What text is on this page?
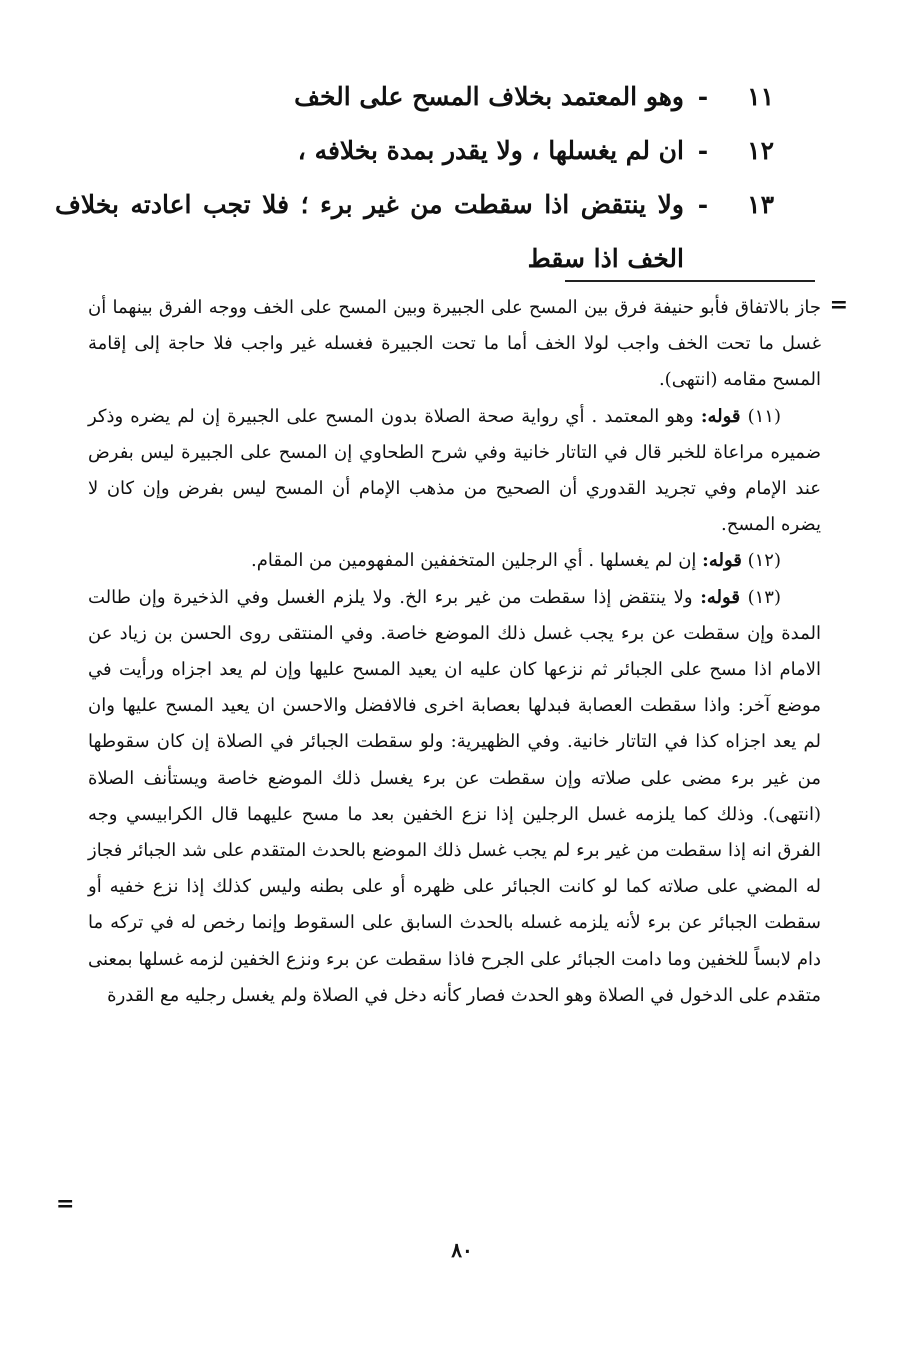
١١
-
وهو المعتمد بخلاف المسح على الخف
١٢
-
ان لم يغسلها ، ولا يقدر بمدة بخلافه ،
١٣
-
ولا ينتقض اذا سقطت من غير برء ؛ فلا تجب اعادته بخلاف الخف اذا سقط
=

جاز بالاتفاق فأبو حنيفة فرق بين المسح على الجبيرة وبين المسح على الخف ووجه الفرق بينهما أن غسل ما تحت الخف واجب لولا الخف أما ما تحت الجبيرة فغسله غير واجب فلا حاجة إلى إقامة المسح مقامه (انتهى).

(١١) قوله: وهو المعتمد . أي رواية صحة الصلاة بدون المسح على الجبيرة إن لم يضره وذكر ضميره مراعاة للخبر قال في التاتار خانية وفي شرح الطحاوي إن المسح على الجبيرة ليس بفرض عند الإمام وفي تجريد القدوري أن الصحيح من مذهب الإمام أن المسح ليس بفرض وإن كان لا يضره المسح.

(١٢) قوله: إن لم يغسلها . أي الرجلين المتخففين المفهومين من المقام.

(١٣) قوله: ولا ينتقض إذا سقطت من غير برء الخ. ولا يلزم الغسل وفي الذخيرة وإن طالت المدة وإن سقطت عن برء يجب غسل ذلك الموضع خاصة. وفي المنتقى روى الحسن بن زياد عن الامام اذا مسح على الجبائر ثم نزعها كان عليه ان يعيد المسح عليها وإن لم يعد اجزاه ورأيت في موضع آخر: واذا سقطت العصابة فبدلها بعصابة اخرى فالافضل والاحسن ان يعيد المسح عليها وان لم يعد اجزاه كذا في التاتار خانية. وفي الظهيرية: ولو سقطت الجبائر في الصلاة إن كان سقوطها من غير برء مضى على صلاته وإن سقطت عن برء يغسل ذلك الموضع خاصة ويستأنف الصلاة (انتهى). وذلك كما يلزمه غسل الرجلين إذا نزع الخفين بعد ما مسح عليهما قال الكرابيسي وجه الفرق انه إذا سقطت من غير برء لم يجب غسل ذلك الموضع بالحدث المتقدم على شد الجبائر فجاز له المضي على صلاته كما لو كانت الجبائر على ظهره أو على بطنه وليس كذلك إذا نزع خفيه أو سقطت الجبائر عن برء لأنه يلزمه غسله بالحدث السابق على السقوط وإنما رخص له في تركه ما دام لابساً للخفين وما دامت الجبائر على الجرح فاذا سقطت عن برء ونزع الخفين لزمه غسلها بمعنى متقدم على الدخول في الصلاة وهو الحدث فصار كأنه دخل في الصلاة ولم يغسل رجليه مع القدرة

=
٨٠
